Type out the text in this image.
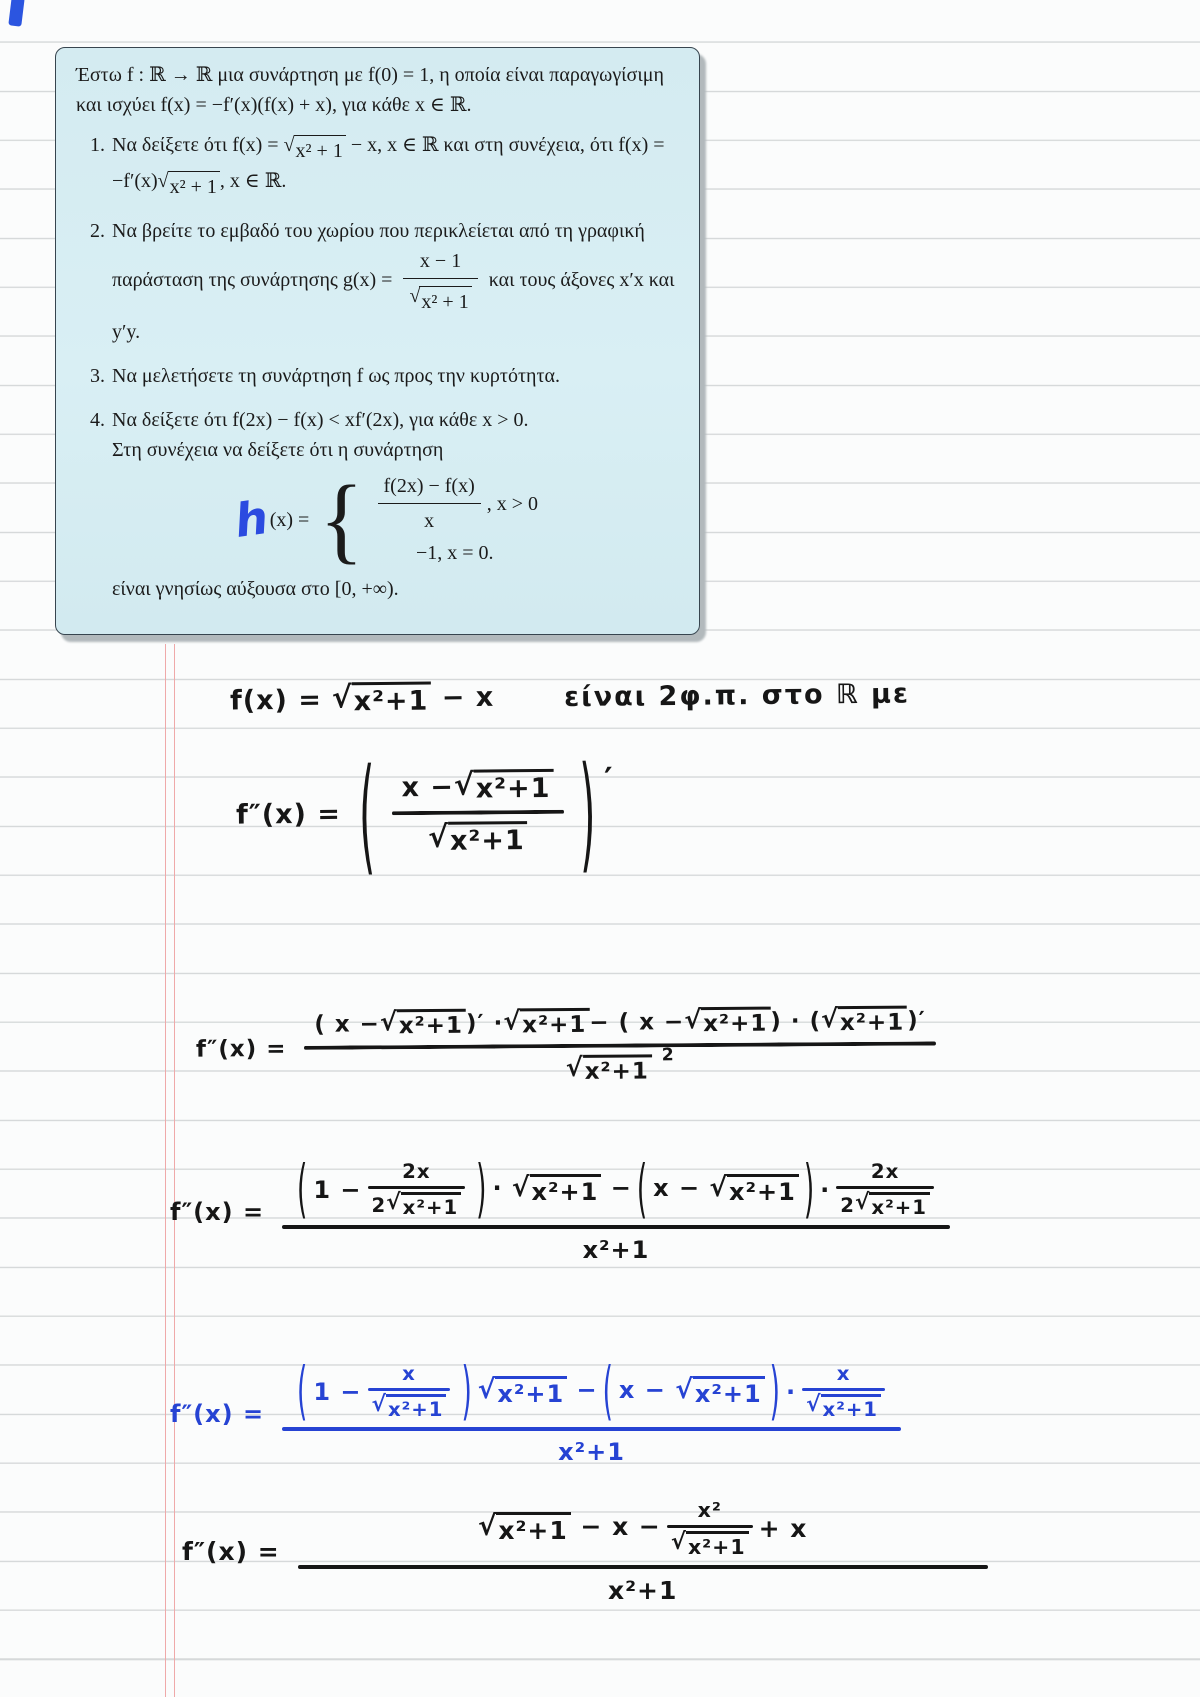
Έστω f : ℝ → ℝ μια συνάρτηση με f(0) = 1, η οποία είναι παραγωγίσιμη και ισχύει f(x) = −f′(x)(f(x) + x), για κάθε x ∈ ℝ.

1. Να δείξετε ότι f(x) = √ x² + 1 − x, x ∈ ℝ και στη συνέχεια, ότι f(x) = −f′(x) √ x² + 1 , x ∈ ℝ.
2. Να βρείτε το εμβαδό του χωρίου που περικλείεται από τη γραφική παράσταση της συνάρτησης $g(x) = \frac{x - 1}{\text{√ x² + 1}}$ και τους άξονες x′x και y′y.
3. Να μελετήσετε τη συνάρτηση f ως προς την κυρτότητα.
4. Να δείξετε ότι f(2x) − f(x) < xf′(2x), για κάθε x > 0.
Στη συνέχεια να δείξετε ότι η συνάρτηση
h
(x) = {	f(2x) − f(x)
x
, x > 0
−1, x = 0.
είναι γνησίως αύξουσα στο [0, +∞).
f(x) = √ x²+1 − x	είναι 2φ.π. στο ℝ με
f″(x) = ( x − √ x²+1
√ x²+1 ) ′
f″(x) =
( x − √ x²+1 )′ · √ x²+1 − ( x − √ x²+1 ) · ( √ x²+1 )′
√ x²+1
2
f″(x) = ( 1 −
2x
2 √ x²+1 ) · √ x²+1 − ( x − √ x²+1 ) ·
2x
2 √ x²+1
x²+1
f″(x) = ( 1 −
x
√ x²+1 ) √ x²+1 − ( x − √ x²+1 ) ·
x
√ x²+1
x²+1
f″(x) =
√ x²+1 − x −
x²
√ x²+1
+ x
x²+1
